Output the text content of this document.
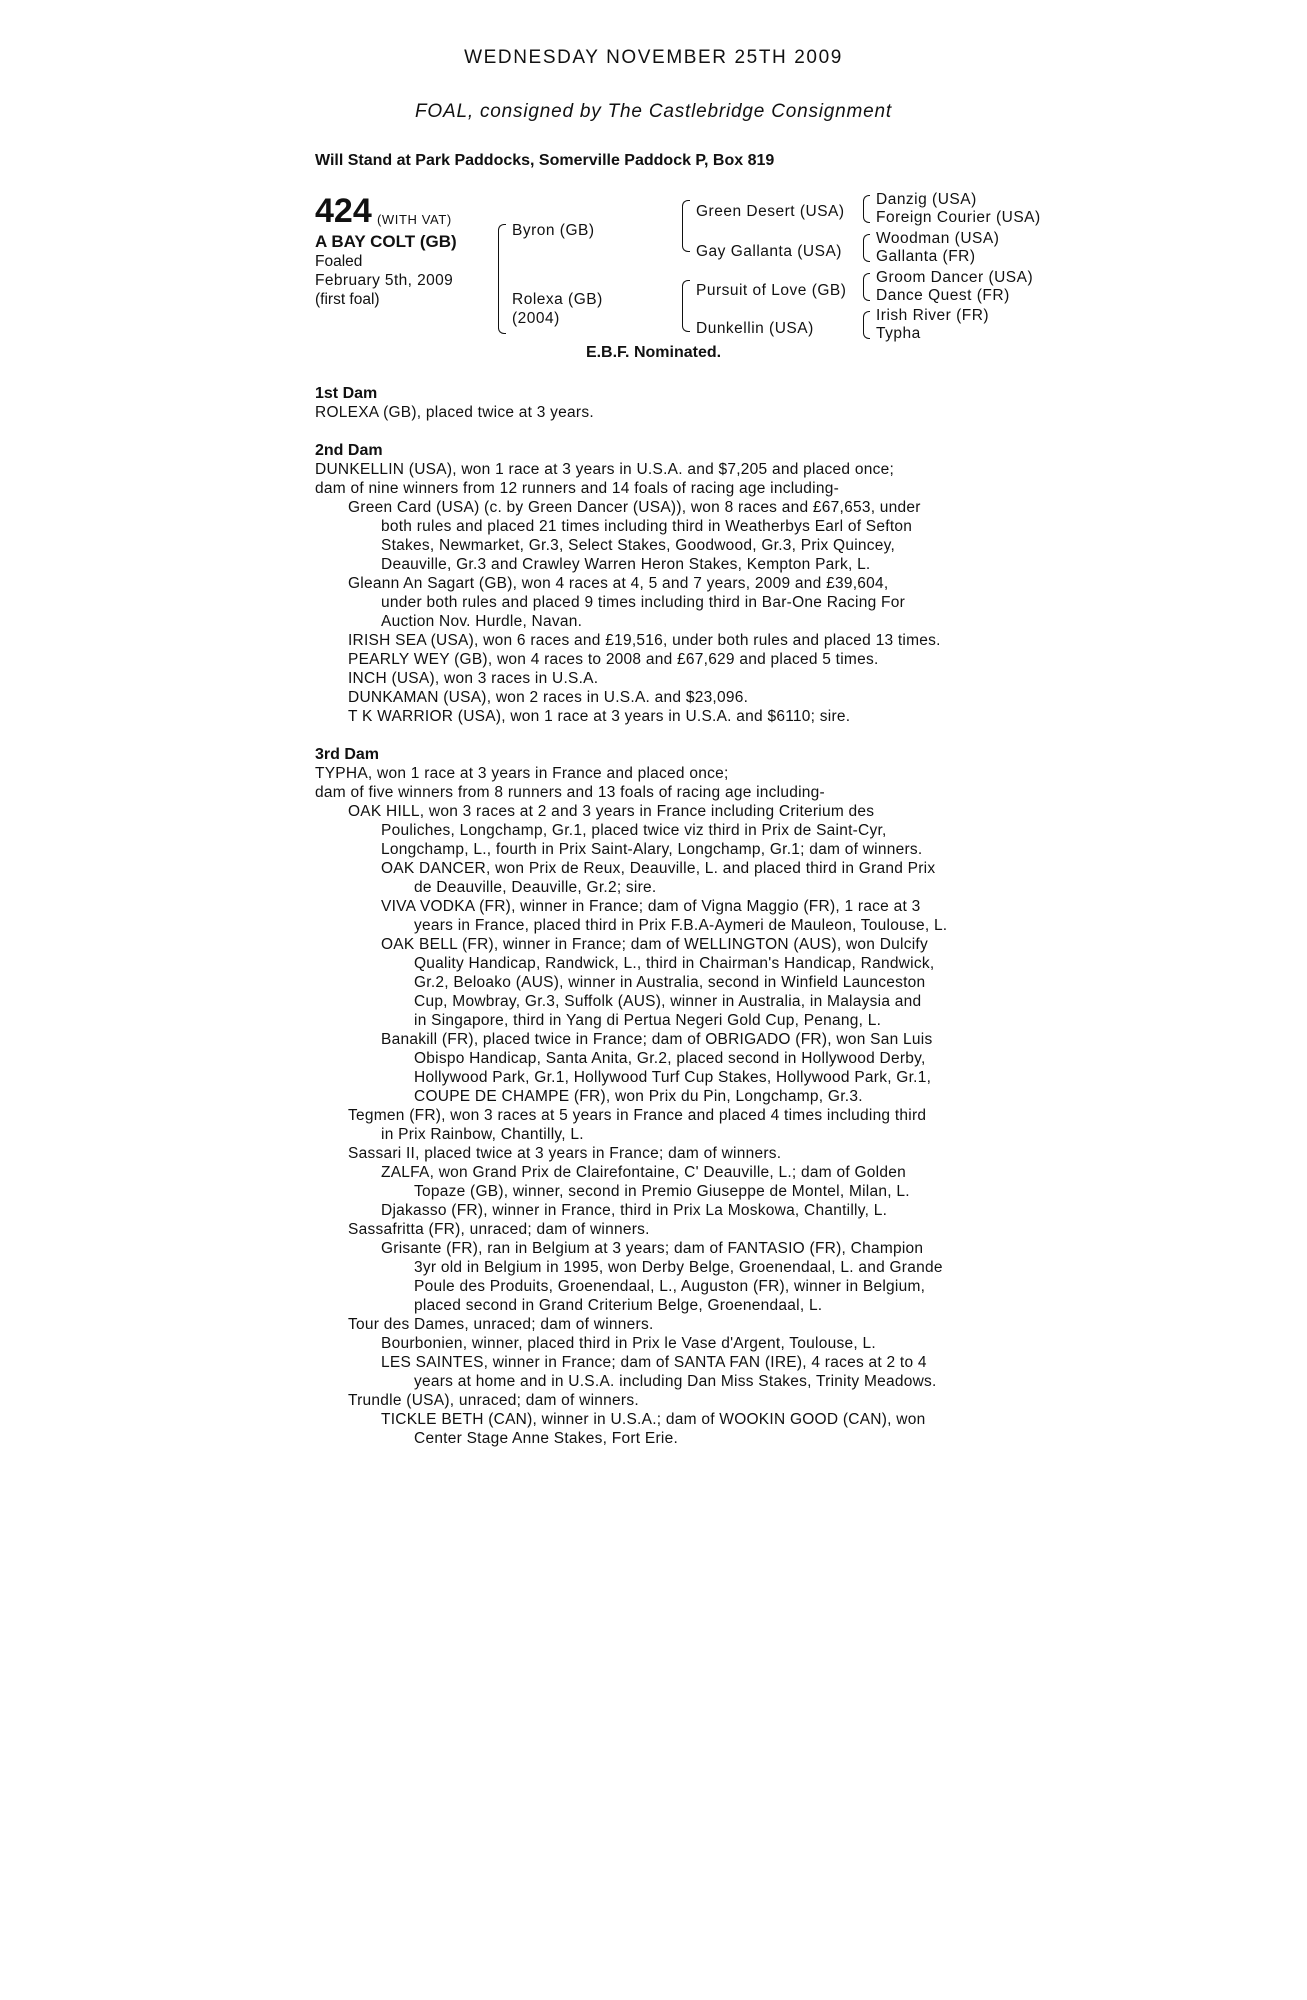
WEDNESDAY NOVEMBER 25TH 2009
FOAL, consigned by The Castlebridge Consignment
Will Stand at Park Paddocks, Somerville Paddock P, Box 819
424 (WITH VAT)
A BAY COLT (GB)
Foaled
February 5th, 2009
(first foal)
Byron (GB)
Rolexa (GB)
(2004)
Green Desert (USA)
Gay Gallanta (USA)
Pursuit of Love (GB)
Dunkellin (USA)
Danzig (USA)
Foreign Courier (USA)
Woodman (USA)
Gallanta (FR)
Groom Dancer (USA)
Dance Quest (FR)
Irish River (FR)
Typha
E.B.F. Nominated.
1st Dam
ROLEXA (GB), placed twice at 3 years.
2nd Dam
DUNKELLIN (USA), won 1 race at 3 years in U.S.A. and $7,205 and placed once;
dam of nine winners from 12 runners and 14 foals of racing age including-
Green Card (USA) (c. by Green Dancer (USA)), won 8 races and £67,653, under
both rules and placed 21 times including third in Weatherbys Earl of Sefton
Stakes, Newmarket, Gr.3, Select Stakes, Goodwood, Gr.3, Prix Quincey,
Deauville, Gr.3 and Crawley Warren Heron Stakes, Kempton Park, L.
Gleann An Sagart (GB), won 4 races at 4, 5 and 7 years, 2009 and £39,604,
under both rules and placed 9 times including third in Bar-One Racing For
Auction Nov. Hurdle, Navan.
IRISH SEA (USA), won 6 races and £19,516, under both rules and placed 13 times.
PEARLY WEY (GB), won 4 races to 2008 and £67,629 and placed 5 times.
INCH (USA), won 3 races in U.S.A.
DUNKAMAN (USA), won 2 races in U.S.A. and $23,096.
T K WARRIOR (USA), won 1 race at 3 years in U.S.A. and $6110; sire.
3rd Dam
TYPHA, won 1 race at 3 years in France and placed once;
dam of five winners from 8 runners and 13 foals of racing age including-
OAK HILL, won 3 races at 2 and 3 years in France including Criterium des
Pouliches, Longchamp, Gr.1, placed twice viz third in Prix de Saint-Cyr,
Longchamp, L., fourth in Prix Saint-Alary, Longchamp, Gr.1; dam of winners.
OAK DANCER, won Prix de Reux, Deauville, L. and placed third in Grand Prix
de Deauville, Deauville, Gr.2; sire.
VIVA VODKA (FR), winner in France; dam of Vigna Maggio (FR), 1 race at 3
years in France, placed third in Prix F.B.A-Aymeri de Mauleon, Toulouse, L.
OAK BELL (FR), winner in France; dam of WELLINGTON (AUS), won Dulcify
Quality Handicap, Randwick, L., third in Chairman's Handicap, Randwick,
Gr.2, Beloako (AUS), winner in Australia, second in Winfield Launceston
Cup, Mowbray, Gr.3, Suffolk (AUS), winner in Australia, in Malaysia and
in Singapore, third in Yang di Pertua Negeri Gold Cup, Penang, L.
Banakill (FR), placed twice in France; dam of OBRIGADO (FR), won San Luis
Obispo Handicap, Santa Anita, Gr.2, placed second in Hollywood Derby,
Hollywood Park, Gr.1, Hollywood Turf Cup Stakes, Hollywood Park, Gr.1,
COUPE DE CHAMPE (FR), won Prix du Pin, Longchamp, Gr.3.
Tegmen (FR), won 3 races at 5 years in France and placed 4 times including third
in Prix Rainbow, Chantilly, L.
Sassari II, placed twice at 3 years in France; dam of winners.
ZALFA, won Grand Prix de Clairefontaine, C' Deauville, L.; dam of Golden
Topaze (GB), winner, second in Premio Giuseppe de Montel, Milan, L.
Djakasso (FR), winner in France, third in Prix La Moskowa, Chantilly, L.
Sassafritta (FR), unraced; dam of winners.
Grisante (FR), ran in Belgium at 3 years; dam of FANTASIO (FR), Champion
3yr old in Belgium in 1995, won Derby Belge, Groenendaal, L. and Grande
Poule des Produits, Groenendaal, L., Auguston (FR), winner in Belgium,
placed second in Grand Criterium Belge, Groenendaal, L.
Tour des Dames, unraced; dam of winners.
Bourbonien, winner, placed third in Prix le Vase d'Argent, Toulouse, L.
LES SAINTES, winner in France; dam of SANTA FAN (IRE), 4 races at 2 to 4
years at home and in U.S.A. including Dan Miss Stakes, Trinity Meadows.
Trundle (USA), unraced; dam of winners.
TICKLE BETH (CAN), winner in U.S.A.; dam of WOOKIN GOOD (CAN), won
Center Stage Anne Stakes, Fort Erie.
